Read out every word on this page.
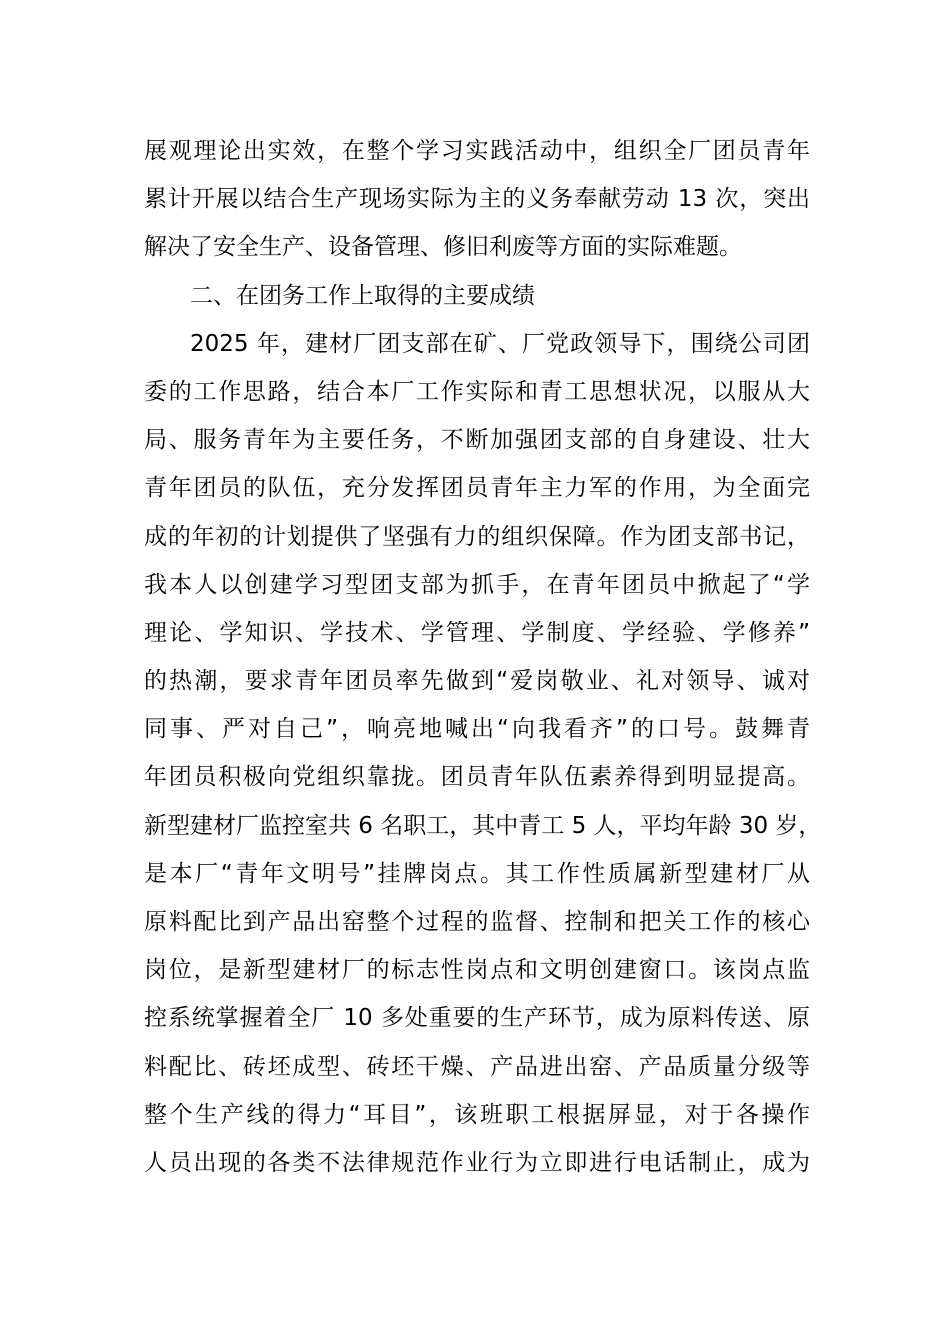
展观理论出实效，在整个学习实践活动中，组织全厂团员青年
累计开展以结合生产现场实际为主的义务奉献劳动 13 次，突出
解决了安全生产、设备管理、修旧利废等方面的实际难题。
二、在团务工作上取得的主要成绩
2025 年，建材厂团支部在矿、厂党政领导下，围绕公司团
委的工作思路，结合本厂工作实际和青工思想状况，以服从大
局、服务青年为主要任务，不断加强团支部的自身建设、壮大
青年团员的队伍，充分发挥团员青年主力军的作用，为全面完
成的年初的计划提供了坚强有力的组织保障。作为团支部书记，
我本人以创建学习型团支部为抓手，在青年团员中掀起了“学
理论、学知识、学技术、学管理、学制度、学经验、学修养”
的热潮，要求青年团员率先做到“爱岗敬业、礼对领导、诚对
同事、严对自己”，响亮地喊出“向我看齐”的口号。鼓舞青
年团员积极向党组织靠拢。团员青年队伍素养得到明显提高。
新型建材厂监控室共 6 名职工，其中青工 5 人，平均年龄 30 岁，
是本厂“青年文明号”挂牌岗点。其工作性质属新型建材厂从
原料配比到产品出窑整个过程的监督、控制和把关工作的核心
岗位，是新型建材厂的标志性岗点和文明创建窗口。该岗点监
控系统掌握着全厂 10 多处重要的生产环节，成为原料传送、原
料配比、砖坯成型、砖坯干燥、产品进出窑、产品质量分级等
整个生产线的得力“耳目”，该班职工根据屏显，对于各操作
人员出现的各类不法律规范作业行为立即进行电话制止，成为
